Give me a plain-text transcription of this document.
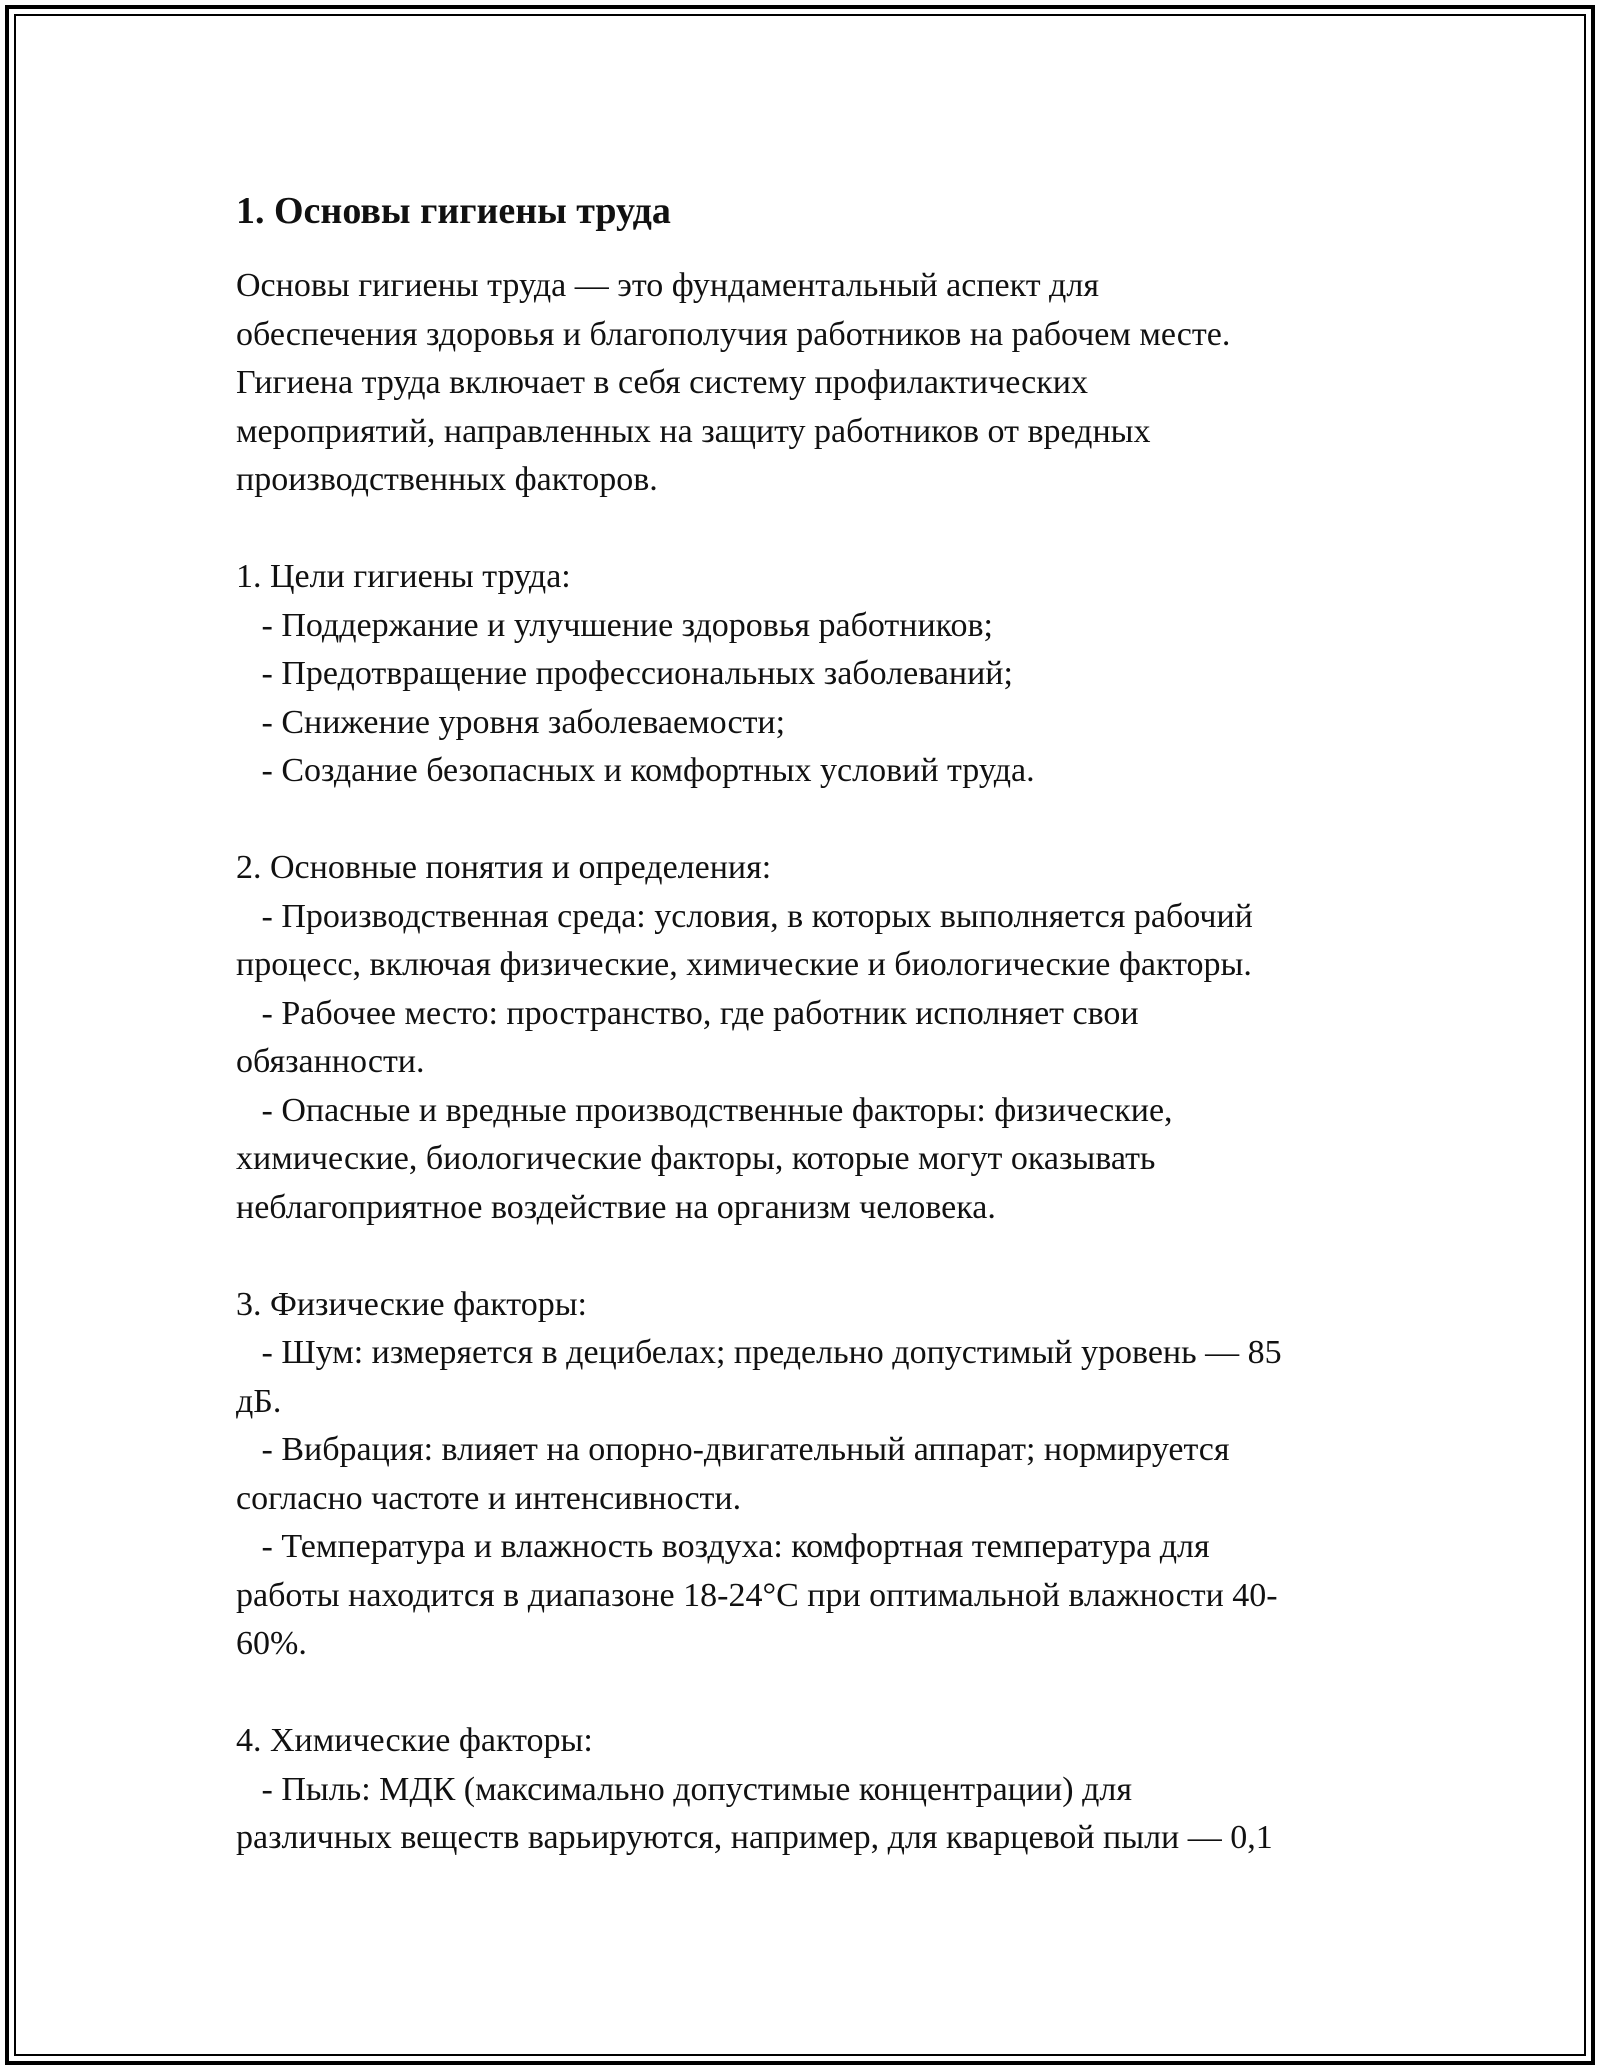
1. Основы гигиены труда
Основы гигиены труда — это фундаментальный аспект для
обеспечения здоровья и благополучия работников на рабочем месте.
Гигиена труда включает в себя систему профилактических
мероприятий, направленных на защиту работников от вредных
производственных факторов.
1. Цели гигиены труда:
- Поддержание и улучшение здоровья работников;
- Предотвращение профессиональных заболеваний;
- Снижение уровня заболеваемости;
- Создание безопасных и комфортных условий труда.
2. Основные понятия и определения:
- Производственная среда: условия, в которых выполняется рабочий
процесс, включая физические, химические и биологические факторы.
- Рабочее место: пространство, где работник исполняет свои
обязанности.
- Опасные и вредные производственные факторы: физические,
химические, биологические факторы, которые могут оказывать
неблагоприятное воздействие на организм человека.
3. Физические факторы:
- Шум: измеряется в децибелах; предельно допустимый уровень — 85
дБ.
- Вибрация: влияет на опорно-двигательный аппарат; нормируется
согласно частоте и интенсивности.
- Температура и влажность воздуха: комфортная температура для
работы находится в диапазоне 18-24°C при оптимальной влажности 40-
60%.
4. Химические факторы:
- Пыль: МДК (максимально допустимые концентрации) для
различных веществ варьируются, например, для кварцевой пыли — 0,1
